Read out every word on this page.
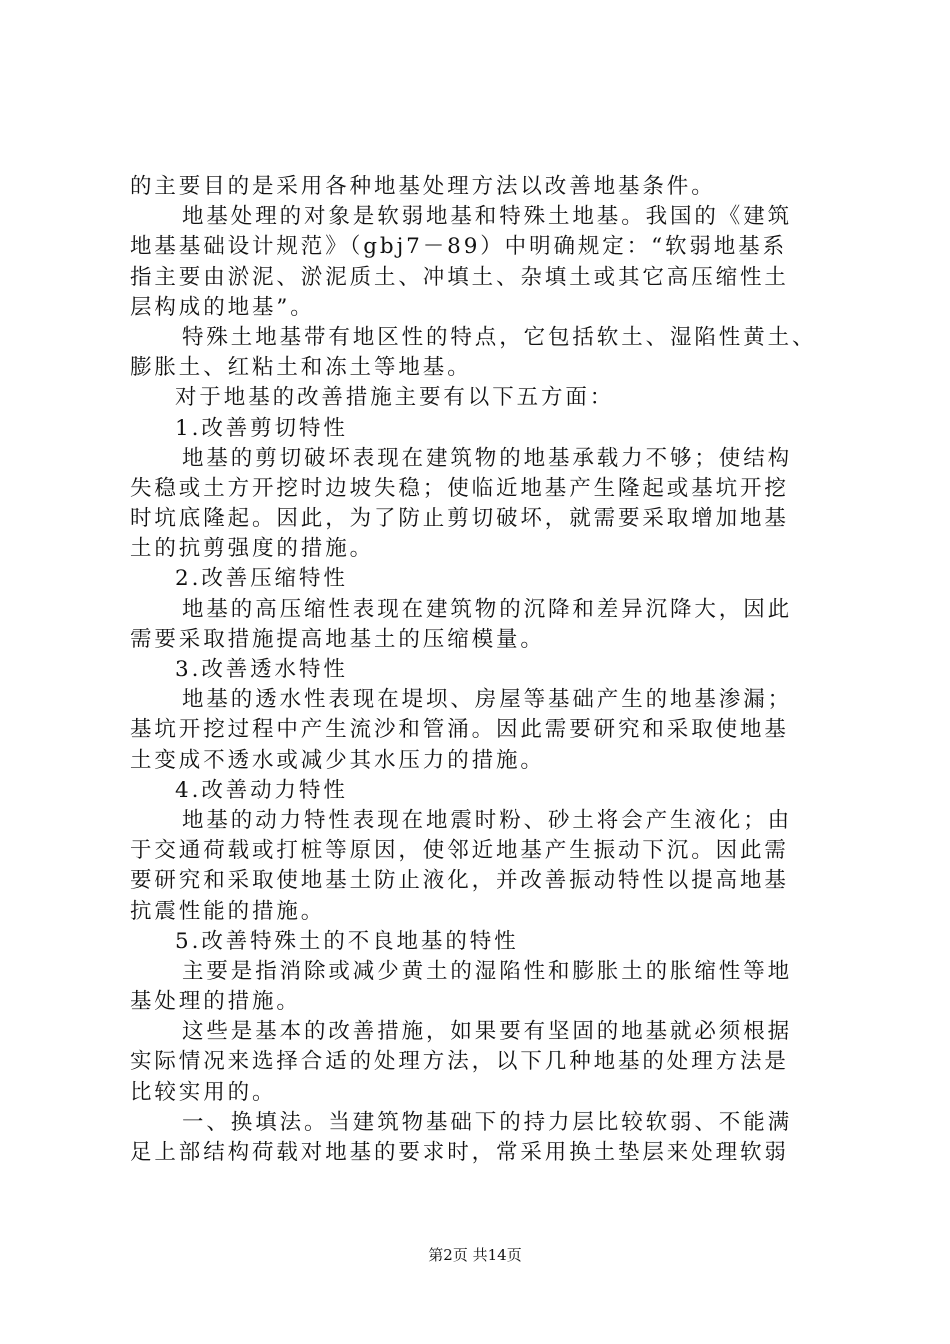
的主要目的是采用各种地基处理方法以改善地基条件。
地基处理的对象是软弱地基和特殊土地基。我国的《建筑
地基基础设计规范》（gbj7－89）中明确规定：“软弱地基系
指主要由淤泥、淤泥质土、冲填土、杂填土或其它高压缩性土
层构成的地基”。
特殊土地基带有地区性的特点，它包括软土、湿陷性黄土、
膨胀土、红粘土和冻土等地基。
对于地基的改善措施主要有以下五方面：
1.改善剪切特性
地基的剪切破坏表现在建筑物的地基承载力不够；使结构
失稳或土方开挖时边坡失稳；使临近地基产生隆起或基坑开挖
时坑底隆起。因此，为了防止剪切破坏，就需要采取增加地基
土的抗剪强度的措施。
2.改善压缩特性
地基的高压缩性表现在建筑物的沉降和差异沉降大，因此
需要采取措施提高地基土的压缩模量。
3.改善透水特性
地基的透水性表现在堤坝、房屋等基础产生的地基渗漏；
基坑开挖过程中产生流沙和管涌。因此需要研究和采取使地基
土变成不透水或减少其水压力的措施。
4.改善动力特性
地基的动力特性表现在地震时粉、砂土将会产生液化；由
于交通荷载或打桩等原因，使邻近地基产生振动下沉。因此需
要研究和采取使地基土防止液化，并改善振动特性以提高地基
抗震性能的措施。
5.改善特殊土的不良地基的特性
主要是指消除或减少黄土的湿陷性和膨胀土的胀缩性等地
基处理的措施。
这些是基本的改善措施，如果要有坚固的地基就必须根据
实际情况来选择合适的处理方法，以下几种地基的处理方法是
比较实用的。
一、换填法。当建筑物基础下的持力层比较软弱、不能满
足上部结构荷载对地基的要求时，常采用换土垫层来处理软弱
第2页 共14页
